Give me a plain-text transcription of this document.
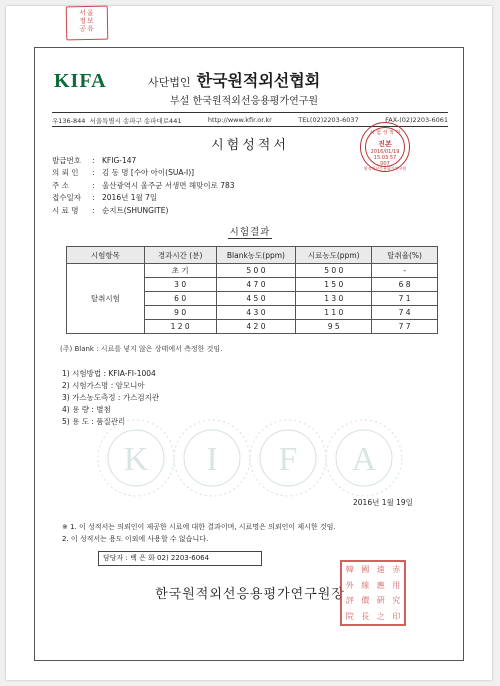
서울
정보
공유
KIFA	사단법인 한국원적외선협회
부설 한국원적외선응용평가연구원
우136-844 서울특별시 송파구 송파대로441	http://www.kfir.or.kr	TEL(02)2203-6037	FAX-(02)2203-6061
시험성적서
시 험 성 적 서
진본
2016/01/19
15:03:57
007
원적외선응용평가연구원
발급번호	: KFIG-147
의 뢰 인	: 김 동 명 [수아 아이(SUA-I)]
주 소	: 울산광역시 울주군 서생면 해맞이로 783
접수일자	: 2016년 1월 7일
시 료 명	: 순지트(SHUNGITE)
시험결과
시험항목	경과시간 (분)	Blank농도(ppm)	시료농도(ppm)	탈취율(%)
탈취시험	초 기	5 0 0	5 0 0	-
	3 0	4 7 0	1 5 0	6 8
	6 0	4 5 0	1 3 0	7 1
	9 0	4 3 0	1 1 0	7 4
	1 2 0	4 2 0	9 5	7 7
(주) Blank : 시료를 넣지 않은 상태에서 측정한 것임.
1) 시험방법 : KFIA-FI-1004
2) 시험가스명 : 암모니아
3) 가스농도측정 : 가스검지관
4) 용 량 : 별첨
5) 용 도 : 품질관리
K I F A
2016년 1월 19일
※ 1. 이 성적서는 의뢰인이 제공한 시료에 대한 결과이며, 시료명은 의뢰인이 제시한 것임.
2. 이 성적서는 용도 이외에 사용할 수 없습니다.
담당자 : 백 은 화 02) 2203-6064
한국원적외선응용평가연구원장
韓 國 遠 赤
外 線 應 用
評 價 硏 究
院 長 之 印
